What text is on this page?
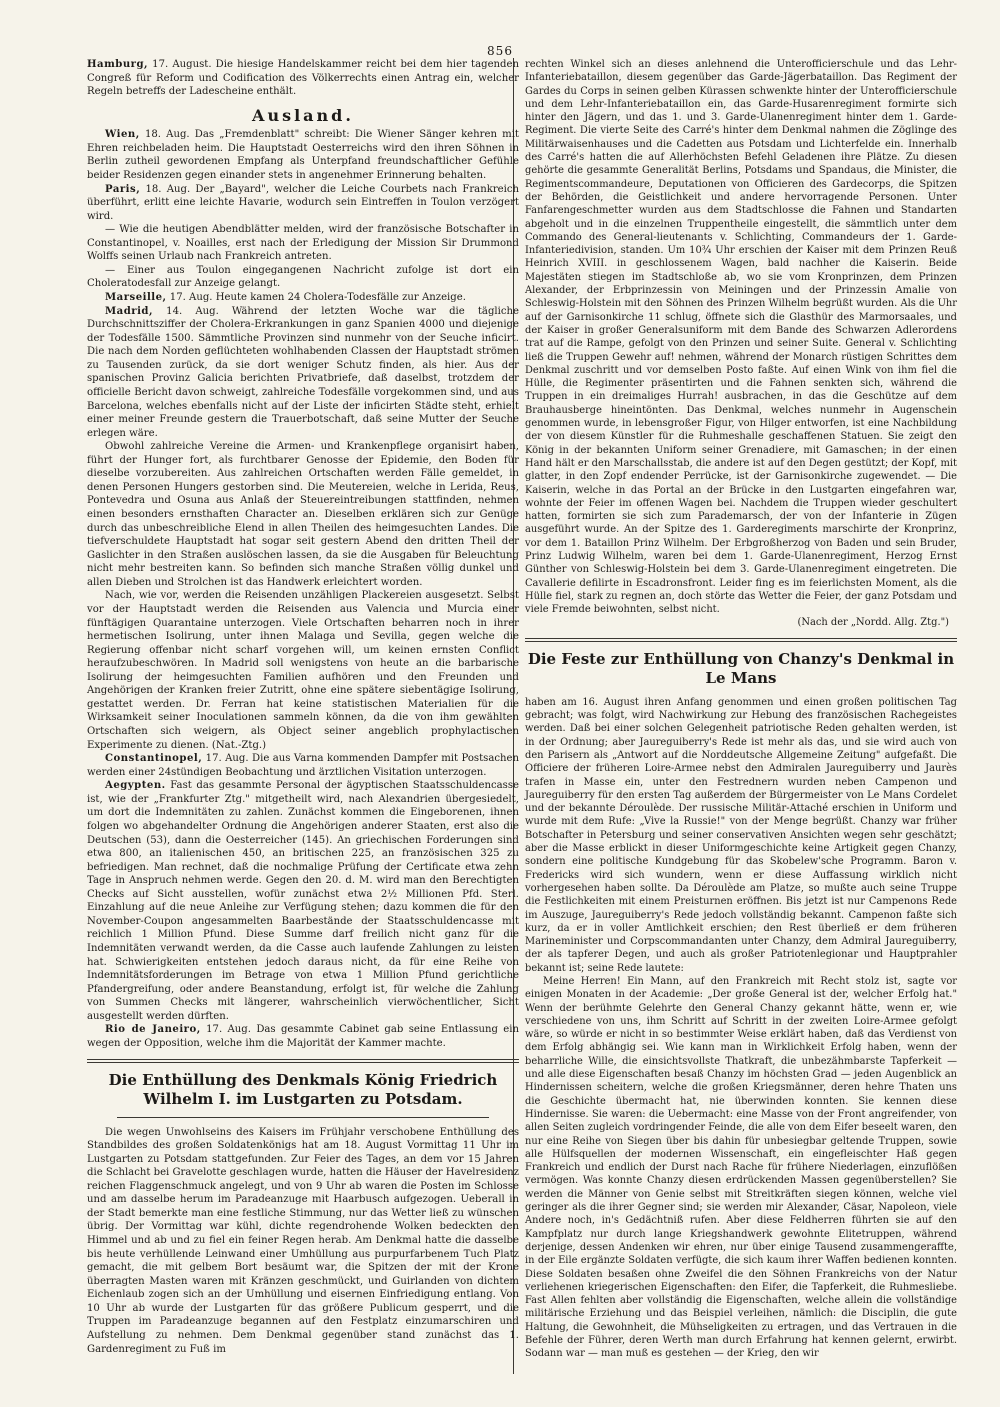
856

Hamburg, 17. August. Die hiesige Handelskammer reicht bei dem hier tagenden Congreß für Reform und Codification des Völkerrechts einen Antrag ein, welcher Regeln betreffs der Ladescheine enthält.

Ausland.

Wien, 18. Aug. Das „Fremdenblatt" schreibt: Die Wiener Sänger kehren mit Ehren reichbeladen heim. Die Hauptstadt Oesterreichs wird den ihren Söhnen in Berlin zutheil gewordenen Empfang als Unterpfand freundschaftlicher Gefühle beider Residenzen gegen einander stets in angenehmer Erinnerung behalten.

Paris, 18. Aug. Der „Bayard", welcher die Leiche Courbets nach Frankreich überführt, erlitt eine leichte Havarie, wodurch sein Eintreffen in Toulon verzögert wird.

— Wie die heutigen Abendblätter melden, wird der französische Botschafter in Constantinopel, v. Noailles, erst nach der Erledigung der Mission Sir Drummond Wolffs seinen Urlaub nach Frankreich antreten.

— Einer aus Toulon eingegangenen Nachricht zufolge ist dort ein Choleratodesfall zur Anzeige gelangt.

Marseille, 17. Aug. Heute kamen 24 Cholera-Todesfälle zur Anzeige.

Madrid, 14. Aug. Während der letzten Woche war die tägliche Durchschnittsziffer der Cholera-Erkrankungen in ganz Spanien 4000 und diejenige der Todesfälle 1500. Sämmtliche Provinzen sind nunmehr von der Seuche inficirt. Die nach dem Norden geflüchteten wohlhabenden Classen der Hauptstadt strömen zu Tausenden zurück, da sie dort weniger Schutz finden, als hier. Aus der spanischen Provinz Galicia berichten Privatbriefe, daß daselbst, trotzdem der officielle Bericht davon schweigt, zahlreiche Todesfälle vorgekommen sind, und aus Barcelona, welches ebenfalls nicht auf der Liste der inficirten Städte steht, erhielt einer meiner Freunde gestern die Trauerbotschaft, daß seine Mutter der Seuche erlegen wäre.

Obwohl zahlreiche Vereine die Armen- und Krankenpflege organisirt haben, führt der Hunger fort, als furchtbarer Genosse der Epidemie, den Boden für dieselbe vorzubereiten. Aus zahlreichen Ortschaften werden Fälle gemeldet, in denen Personen Hungers gestorben sind. Die Meutereien, welche in Lerida, Reus, Pontevedra und Osuna aus Anlaß der Steuereintreibungen stattfinden, nehmen einen besonders ernsthaften Character an. Dieselben erklären sich zur Genüge durch das unbeschreibliche Elend in allen Theilen des heimgesuchten Landes. Die tiefverschuldete Hauptstadt hat sogar seit gestern Abend den dritten Theil der Gaslichter in den Straßen auslöschen lassen, da sie die Ausgaben für Beleuchtung nicht mehr bestreiten kann. So befinden sich manche Straßen völlig dunkel und allen Dieben und Strolchen ist das Handwerk erleichtert worden.

Nach, wie vor, werden die Reisenden unzähligen Plackereien ausgesetzt. Selbst vor der Hauptstadt werden die Reisenden aus Valencia und Murcia einer fünftägigen Quarantaine unterzogen. Viele Ortschaften beharren noch in ihrer hermetischen Isolirung, unter ihnen Malaga und Sevilla, gegen welche die Regierung offenbar nicht scharf vorgehen will, um keinen ernsten Conflict heraufzubeschwören. In Madrid soll wenigstens von heute an die barbarische Isolirung der heimgesuchten Familien aufhören und den Freunden und Angehörigen der Kranken freier Zutritt, ohne eine spätere siebentägige Isolirung, gestattet werden. Dr. Ferran hat keine statistischen Materialien für die Wirksamkeit seiner Inoculationen sammeln können, da die von ihm gewählten Ortschaften sich weigern, als Object seiner angeblich prophylactischen Experimente zu dienen. (Nat.-Ztg.)

Constantinopel, 17. Aug. Die aus Varna kommenden Dampfer mit Postsachen werden einer 24stündigen Beobachtung und ärztlichen Visitation unterzogen.

Aegypten. Fast das gesammte Personal der ägyptischen Staatsschuldencasse ist, wie der „Frankfurter Ztg." mitgetheilt wird, nach Alexandrien übergesiedelt, um dort die Indemnitäten zu zahlen. Zunächst kommen die Eingeborenen, ihnen folgen wo abgehandelter Ordnung die Angehörigen anderer Staaten, erst also die Deutschen (53), dann die Oesterreicher (145). An griechischen Forderungen sind etwa 800, an italienischen 450, an britischen 225, an französischen 325 zu befriedigen. Man rechnet, daß die nochmalige Prüfung der Certificate etwa zehn Tage in Anspruch nehmen werde. Gegen den 20. d. M. wird man den Berechtigten Checks auf Sicht ausstellen, wofür zunächst etwa 2½ Millionen Pfd. Sterl. Einzahlung auf die neue Anleihe zur Verfügung stehen; dazu kommen die für den November-Coupon angesammelten Baarbestände der Staatsschuldencasse mit reichlich 1 Million Pfund. Diese Summe darf freilich nicht ganz für die Indemnitäten verwandt werden, da die Casse auch laufende Zahlungen zu leisten hat. Schwierigkeiten entstehen jedoch daraus nicht, da für eine Reihe von Indemnitätsforderungen im Betrage von etwa 1 Million Pfund gerichtliche Pfandergreifung, oder andere Beanstandung, erfolgt ist, für welche die Zahlung von Summen Checks mit längerer, wahrscheinlich vierwöchentlicher, Sicht ausgestellt werden dürften.

Rio de Janeiro, 17. Aug. Das gesammte Cabinet gab seine Entlassung ein wegen der Opposition, welche ihm die Majorität der Kammer machte.

Die Enthüllung des Denkmals König Friedrich Wilhelm I. im Lustgarten zu Potsdam.

Die wegen Unwohlseins des Kaisers im Frühjahr verschobene Enthüllung des Standbildes des großen Soldatenkönigs hat am 18. August Vormittag 11 Uhr im Lustgarten zu Potsdam stattgefunden. Zur Feier des Tages, an dem vor 15 Jahren die Schlacht bei Gravelotte geschlagen wurde, hatten die Häuser der Havelresidenz reichen Flaggenschmuck angelegt, und von 9 Uhr ab waren die Posten im Schlosse und am dasselbe herum im Paradeanzuge mit Haarbusch aufgezogen. Ueberall in der Stadt bemerkte man eine festliche Stimmung, nur das Wetter ließ zu wünschen übrig. Der Vormittag war kühl, dichte regendrohende Wolken bedeckten den Himmel und ab und zu fiel ein feiner Regen herab. Am Denkmal hatte die dasselbe bis heute verhüllende Leinwand einer Umhüllung aus purpurfarbenem Tuch Platz gemacht, die mit gelbem Bort besäumt war, die Spitzen der mit der Krone überragten Masten waren mit Kränzen geschmückt, und Guirlanden von dichtem Eichenlaub zogen sich an der Umhüllung und eisernen Einfriedigung entlang. Von 10 Uhr ab wurde der Lustgarten für das größere Publicum gesperrt, und die Truppen im Paradeanzuge begannen auf den Festplatz einzumarschiren und Aufstellung zu nehmen. Dem Denkmal gegenüber stand zunächst das 1. Gardenregiment zu Fuß im

rechten Winkel sich an dieses anlehnend die Unterofficierschule und das Lehr-Infanteriebataillon, diesem gegenüber das Garde-Jägerbataillon. Das Regiment der Gardes du Corps in seinen gelben Kürassen schwenkte hinter der Unterofficierschule und dem Lehr-Infanteriebataillon ein, das Garde-Husarenregiment formirte sich hinter den Jägern, und das 1. und 3. Garde-Ulanenregiment hinter dem 1. Garde-Regiment. Die vierte Seite des Carré's hinter dem Denkmal nahmen die Zöglinge des Militärwaisenhauses und die Cadetten aus Potsdam und Lichterfelde ein. Innerhalb des Carré's hatten die auf Allerhöchsten Befehl Geladenen ihre Plätze. Zu diesen gehörte die gesammte Generalität Berlins, Potsdams und Spandaus, die Minister, die Regimentscommandeure, Deputationen von Officieren des Gardecorps, die Spitzen der Behörden, die Geistlichkeit und andere hervorragende Personen. Unter Fanfarengeschmetter wurden aus dem Stadtschlosse die Fahnen und Standarten abgeholt und in die einzelnen Truppentheile eingestellt, die sämmtlich unter dem Commando des General-lieutenants v. Schlichting, Commandeurs der 1. Garde-Infanteriedivision, standen. Um 10¾ Uhr erschien der Kaiser mit dem Prinzen Reuß Heinrich XVIII. in geschlossenem Wagen, bald nachher die Kaiserin. Beide Majestäten stiegen im Stadtschloße ab, wo sie vom Kronprinzen, dem Prinzen Alexander, der Erbprinzessin von Meiningen und der Prinzessin Amalie von Schleswig-Holstein mit den Söhnen des Prinzen Wilhelm begrüßt wurden. Als die Uhr auf der Garnisonkirche 11 schlug, öffnete sich die Glasthür des Marmorsaales, und der Kaiser in großer Generalsuniform mit dem Bande des Schwarzen Adlerordens trat auf die Rampe, gefolgt von den Prinzen und seiner Suite. General v. Schlichting ließ die Truppen Gewehr auf! nehmen, während der Monarch rüstigen Schrittes dem Denkmal zuschritt und vor demselben Posto faßte. Auf einen Wink von ihm fiel die Hülle, die Regimenter präsentirten und die Fahnen senkten sich, während die Truppen in ein dreimaliges Hurrah! ausbrachen, in das die Geschütze auf dem Brauhausberge hineintönten. Das Denkmal, welches nunmehr in Augenschein genommen wurde, in lebensgroßer Figur, von Hilger entworfen, ist eine Nachbildung der von diesem Künstler für die Ruhmeshalle geschaffenen Statuen. Sie zeigt den König in der bekannten Uniform seiner Grenadiere, mit Gamaschen; in der einen Hand hält er den Marschallsstab, die andere ist auf den Degen gestützt; der Kopf, mit glatter, in den Zopf endender Perrücke, ist der Garnisonkirche zugewendet. — Die Kaiserin, welche in das Portal an der Brücke in den Lustgarten eingefahren war, wohnte der Feier im offenen Wagen bei. Nachdem die Truppen wieder geschultert hatten, formirten sie sich zum Parademarsch, der von der Infanterie in Zügen ausgeführt wurde. An der Spitze des 1. Garderegiments marschirte der Kronprinz, vor dem 1. Bataillon Prinz Wilhelm. Der Erbgroßherzog von Baden und sein Bruder, Prinz Ludwig Wilhelm, waren bei dem 1. Garde-Ulanenregiment, Herzog Ernst Günther von Schleswig-Holstein bei dem 3. Garde-Ulanenregiment eingetreten. Die Cavallerie defilirte in Escadronsfront. Leider fing es im feierlichsten Moment, als die Hülle fiel, stark zu regnen an, doch störte das Wetter die Feier, der ganz Potsdam und viele Fremde beiwohnten, selbst nicht.

(Nach der „Nordd. Allg. Ztg.")
Die Feste zur Enthüllung von Chanzy's Denkmal in Le Mans

haben am 16. August ihren Anfang genommen und einen großen politischen Tag gebracht; was folgt, wird Nachwirkung zur Hebung des französischen Rachegeistes werden. Daß bei einer solchen Gelegenheit patriotische Reden gehalten werden, ist in der Ordnung; aber Jaureguiberry's Rede ist mehr als das, und sie wird auch von den Parisern als „Antwort auf die Norddeutsche Allgemeine Zeitung" aufgefaßt. Die Officiere der früheren Loire-Armee nebst den Admiralen Jaureguiberry und Jaurès trafen in Masse ein, unter den Festrednern wurden neben Campenon und Jaureguiberry für den ersten Tag außerdem der Bürgermeister von Le Mans Cordelet und der bekannte Déroulède. Der russische Militär-Attaché erschien in Uniform und wurde mit dem Rufe: „Vive la Russie!" von der Menge begrüßt. Chanzy war früher Botschafter in Petersburg und seiner conservativen Ansichten wegen sehr geschätzt; aber die Masse erblickt in dieser Uniformgeschichte keine Artigkeit gegen Chanzy, sondern eine politische Kundgebung für das Skobelew'sche Programm. Baron v. Fredericks wird sich wundern, wenn er diese Auffassung wirklich nicht vorhergesehen haben sollte. Da Déroulède am Platze, so mußte auch seine Truppe die Festlichkeiten mit einem Preisturnen eröffnen. Bis jetzt ist nur Campenons Rede im Auszuge, Jaureguiberry's Rede jedoch vollständig bekannt. Campenon faßte sich kurz, da er in voller Amtlichkeit erschien; den Rest überließ er dem früheren Marineminister und Corpscommandanten unter Chanzy, dem Admiral Jaureguiberry, der als tapferer Degen, und auch als großer Patriotenlegionar und Hauptprahler bekannt ist; seine Rede lautete:

Meine Herren! Ein Mann, auf den Frankreich mit Recht stolz ist, sagte vor einigen Monaten in der Academie: „Der große General ist der, welcher Erfolg hat." Wenn der berühmte Gelehrte den General Chanzy gekannt hätte, wenn er, wie verschiedene von uns, ihm Schritt auf Schritt in der zweiten Loire-Armee gefolgt wäre, so würde er nicht in so bestimmter Weise erklärt haben, daß das Verdienst von dem Erfolg abhängig sei. Wie kann man in Wirklichkeit Erfolg haben, wenn der beharrliche Wille, die einsichtsvollste Thatkraft, die unbezähmbarste Tapferkeit — und alle diese Eigenschaften besaß Chanzy im höchsten Grad — jeden Augenblick an Hindernissen scheitern, welche die großen Kriegsmänner, deren hehre Thaten uns die Geschichte übermacht hat, nie überwinden konnten. Sie kennen diese Hindernisse. Sie waren: die Uebermacht: eine Masse von der Front angreifender, von allen Seiten zugleich vordringender Feinde, die alle von dem Eifer beseelt waren, den nur eine Reihe von Siegen über bis dahin für unbesiegbar geltende Truppen, sowie alle Hülfsquellen der modernen Wissenschaft, ein eingefleischter Haß gegen Frankreich und endlich der Durst nach Rache für frühere Niederlagen, einzuflößen vermögen. Was konnte Chanzy diesen erdrückenden Massen gegenüberstellen? Sie werden die Männer von Genie selbst mit Streitkräften siegen können, welche viel geringer als die ihrer Gegner sind; sie werden mir Alexander, Cäsar, Napoleon, viele Andere noch, in's Gedächtniß rufen. Aber diese Feldherren führten sie auf den Kampfplatz nur durch lange Kriegshandwerk gewohnte Elitetruppen, während derjenige, dessen Andenken wir ehren, nur über einige Tausend zusammengeraffte, in der Eile ergänzte Soldaten verfügte, die sich kaum ihrer Waffen bedienen konnten. Diese Soldaten besaßen ohne Zweifel die den Söhnen Frankreichs von der Natur verliehenen kriegerischen Eigenschaften: den Eifer, die Tapferkeit, die Ruhmesliebe. Fast Allen fehlten aber vollständig die Eigenschaften, welche allein die vollständige militärische Erziehung und das Beispiel verleihen, nämlich: die Disciplin, die gute Haltung, die Gewohnheit, die Mühseligkeiten zu ertragen, und das Vertrauen in die Befehle der Führer, deren Werth man durch Erfahrung hat kennen gelernt, erwirbt. Sodann war — man muß es gestehen — der Krieg, den wir
